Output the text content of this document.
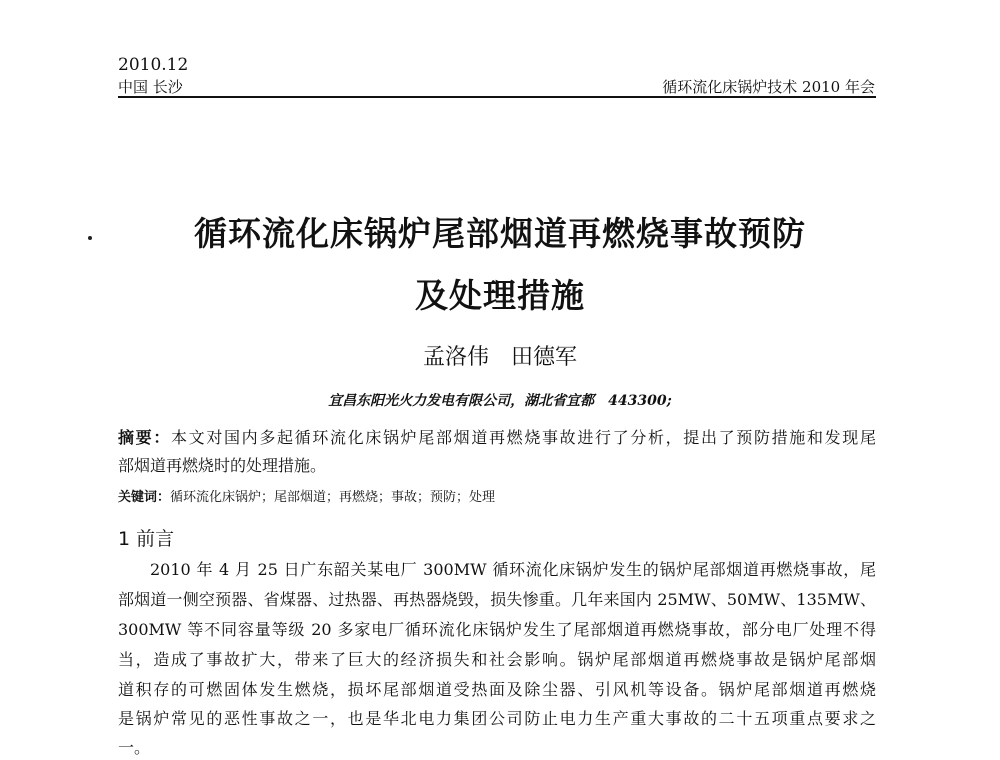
2010.12
中国 长沙	循环流化床锅炉技术 2010 年会
循环流化床锅炉尾部烟道再燃烧事故预防
及处理措施
孟洛伟　田德军
宜昌东阳光火力发电有限公司，湖北省宜都　443300;
摘要：本文对国内多起循环流化床锅炉尾部烟道再燃烧事故进行了分析，提出了预防措施和发现尾
部烟道再燃烧时的处理措施。
关键词：循环流化床锅炉；尾部烟道；再燃烧；事故；预防；处理
1 前言
2010 年 4 月 25 日广东韶关某电厂 300MW 循环流化床锅炉发生的锅炉尾部烟道再燃烧事故，尾
部烟道一侧空预器、省煤器、过热器、再热器烧毁，损失惨重。几年来国内 25MW、50MW、135MW、
300MW 等不同容量等级 20 多家电厂循环流化床锅炉发生了尾部烟道再燃烧事故，部分电厂处理不得
当，造成了事故扩大，带来了巨大的经济损失和社会影响。锅炉尾部烟道再燃烧事故是锅炉尾部烟
道积存的可燃固体发生燃烧，损坏尾部烟道受热面及除尘器、引风机等设备。锅炉尾部烟道再燃烧
是锅炉常见的恶性事故之一，也是华北电力集团公司防止电力生产重大事故的二十五项重点要求之
一。
